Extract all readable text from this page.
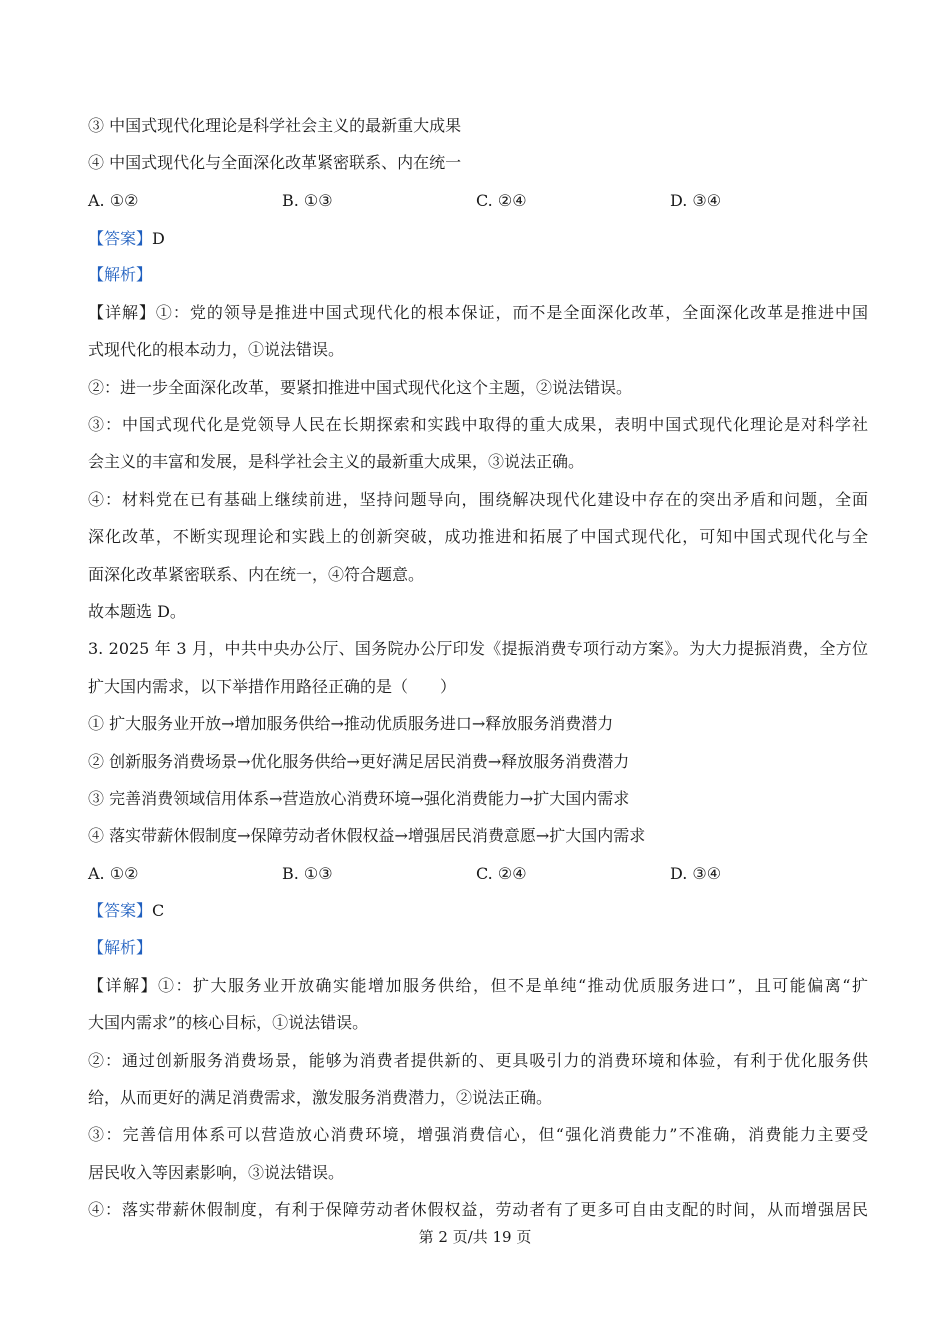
③ 中国式现代化理论是科学社会主义的最新重大成果
④ 中国式现代化与全面深化改革紧密联系、内在统一
A. ①②	B. ①③	C. ②④	D. ③④
【答案】D
【解析】
【详解】①：党的领导是推进中国式现代化的根本保证，而不是全面深化改革，全面深化改革是推进中国
式现代化的根本动力，①说法错误。
②：进一步全面深化改革，要紧扣推进中国式现代化这个主题，②说法错误。
③：中国式现代化是党领导人民在长期探索和实践中取得的重大成果，表明中国式现代化理论是对科学社
会主义的丰富和发展，是科学社会主义的最新重大成果，③说法正确。
④：材料党在已有基础上继续前进，坚持问题导向，围绕解决现代化建设中存在的突出矛盾和问题，全面
深化改革，不断实现理论和实践上的创新突破，成功推进和拓展了中国式现代化，可知中国式现代化与全
面深化改革紧密联系、内在统一，④符合题意。
故本题选 D。
3. 2025 年 3 月，中共中央办公厅、国务院办公厅印发《提振消费专项行动方案》。为大力提振消费，全方位
扩大国内需求，以下举措作用路径正确的是（　　）
① 扩大服务业开放→增加服务供给→推动优质服务进口→释放服务消费潜力
② 创新服务消费场景→优化服务供给→更好满足居民消费→释放服务消费潜力
③ 完善消费领域信用体系→营造放心消费环境→强化消费能力→扩大国内需求
④ 落实带薪休假制度→保障劳动者休假权益→增强居民消费意愿→扩大国内需求
A. ①②	B. ①③	C. ②④	D. ③④
【答案】C
【解析】
【详解】①：扩大服务业开放确实能增加服务供给，但不是单纯“推动优质服务进口”，且可能偏离“扩
大国内需求”的核心目标，①说法错误。
②：通过创新服务消费场景，能够为消费者提供新的、更具吸引力的消费环境和体验，有利于优化服务供
给，从而更好的满足消费需求，激发服务消费潜力，②说法正确。
③：完善信用体系可以营造放心消费环境，增强消费信心，但“强化消费能力”不准确，消费能力主要受
居民收入等因素影响，③说法错误。
④：落实带薪休假制度，有利于保障劳动者休假权益，劳动者有了更多可自由支配的时间，从而增强居民
第 2 页/共 19 页
